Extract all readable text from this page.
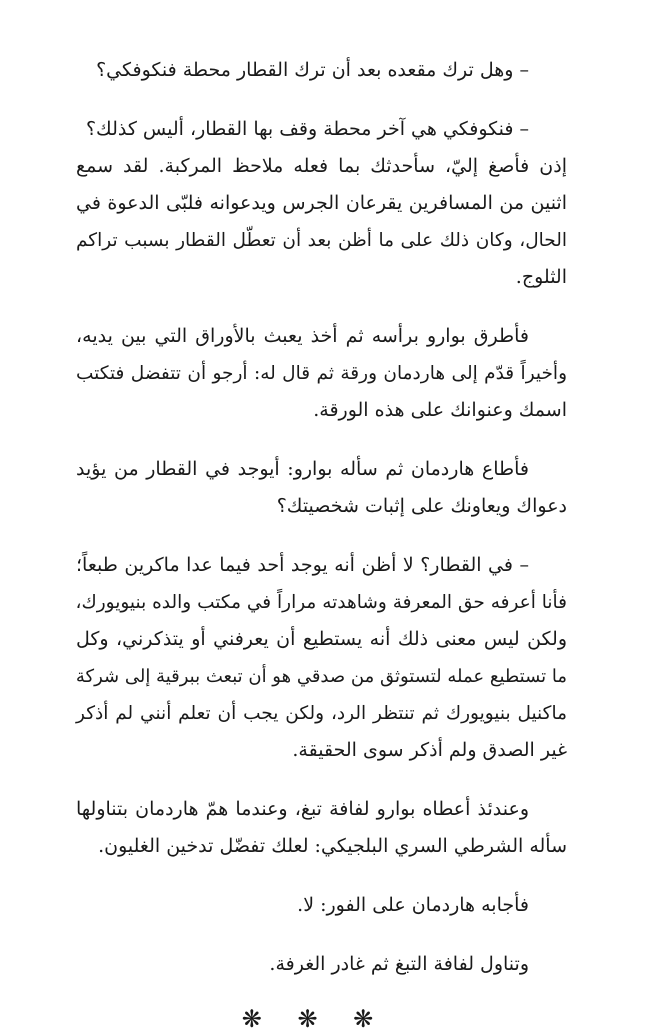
– وهل ترك مقعده بعد أن ترك القطار محطة فنكوفكي؟
– فنكوفكي هي آخر محطة وقف بها القطار، أليس كذلك؟
إذن فأصغ إليّ، سأحدثك بما فعله ملاحظ المركبة. لقد سمع
اثنين من المسافرين يقرعان الجرس ويدعوانه فلبّى الدعوة في
الحال، وكان ذلك على ما أظن بعد أن تعطّل القطار بسبب تراكم
الثلوج.
فأطرق بوارو برأسه ثم أخذ يعبث بالأوراق التي بين يديه،
وأخيراً قدّم إلى هاردمان ورقة ثم قال له: أرجو أن تتفضل فتكتب
اسمك وعنوانك على هذه الورقة.
فأطاع هاردمان ثم سأله بوارو: أيوجد في القطار من يؤيد
دعواك ويعاونك على إثبات شخصيتك؟
– في القطار؟ لا أظن أنه يوجد أحد فيما عدا ماكرين طبعاً؛
فأنا أعرفه حق المعرفة وشاهدته مراراً في مكتب والده بنيويورك،
ولكن ليس معنى ذلك أنه يستطيع أن يعرفني أو يتذكرني، وكل
ما تستطيع عمله لتستوثق من صدقي هو أن تبعث ببرقية إلى شركة
ماكنيل بنيويورك ثم تنتظر الرد، ولكن يجب أن تعلم أنني لم أذكر
غير الصدق ولم أذكر سوى الحقيقة.
وعندئذ أعطاه بوارو لفافة تبغ، وعندما همّ هاردمان بتناولها
سأله الشرطي السري البلجيكي: لعلك تفضّل تدخين الغليون.
فأجابه هاردمان على الفور: لا.
وتناول لفافة التبغ ثم غادر الغرفة.
❋ ❋ ❋
